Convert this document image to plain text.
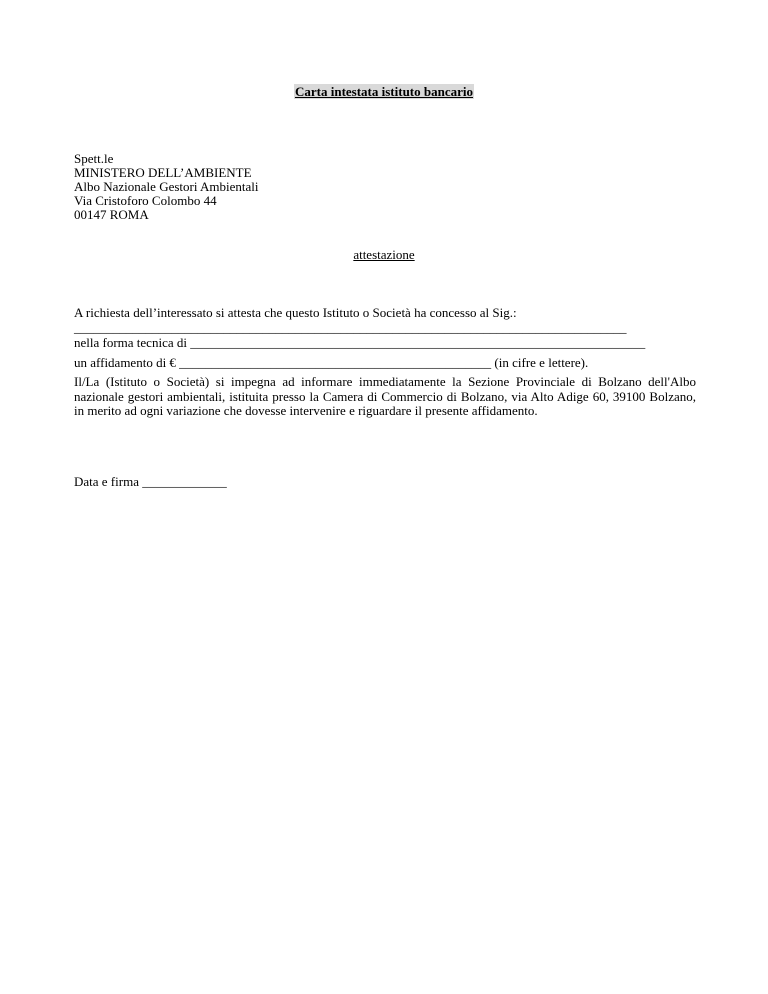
Carta intestata istituto bancario
Spett.le
MINISTERO DELL’AMBIENTE
Albo Nazionale Gestori Ambientali
Via Cristoforo Colombo 44
00147 ROMA
attestazione
A richiesta dell’interessato si attesta che questo Istituto o Società ha concesso al Sig.:
_____________________________________________________________________________________
nella forma tecnica di ______________________________________________________________________
un affidamento di € ________________________________________________ (in cifre e lettere).
Il/La (Istituto o Società) si impegna ad informare immediatamente la Sezione Provinciale di Bolzano dell'Albo nazionale gestori ambientali, istituita presso la Camera di Commercio di Bolzano, via Alto Adige 60, 39100 Bolzano, in merito ad ogni variazione che dovesse intervenire e riguardare il presente affidamento.
Data e firma _____________
